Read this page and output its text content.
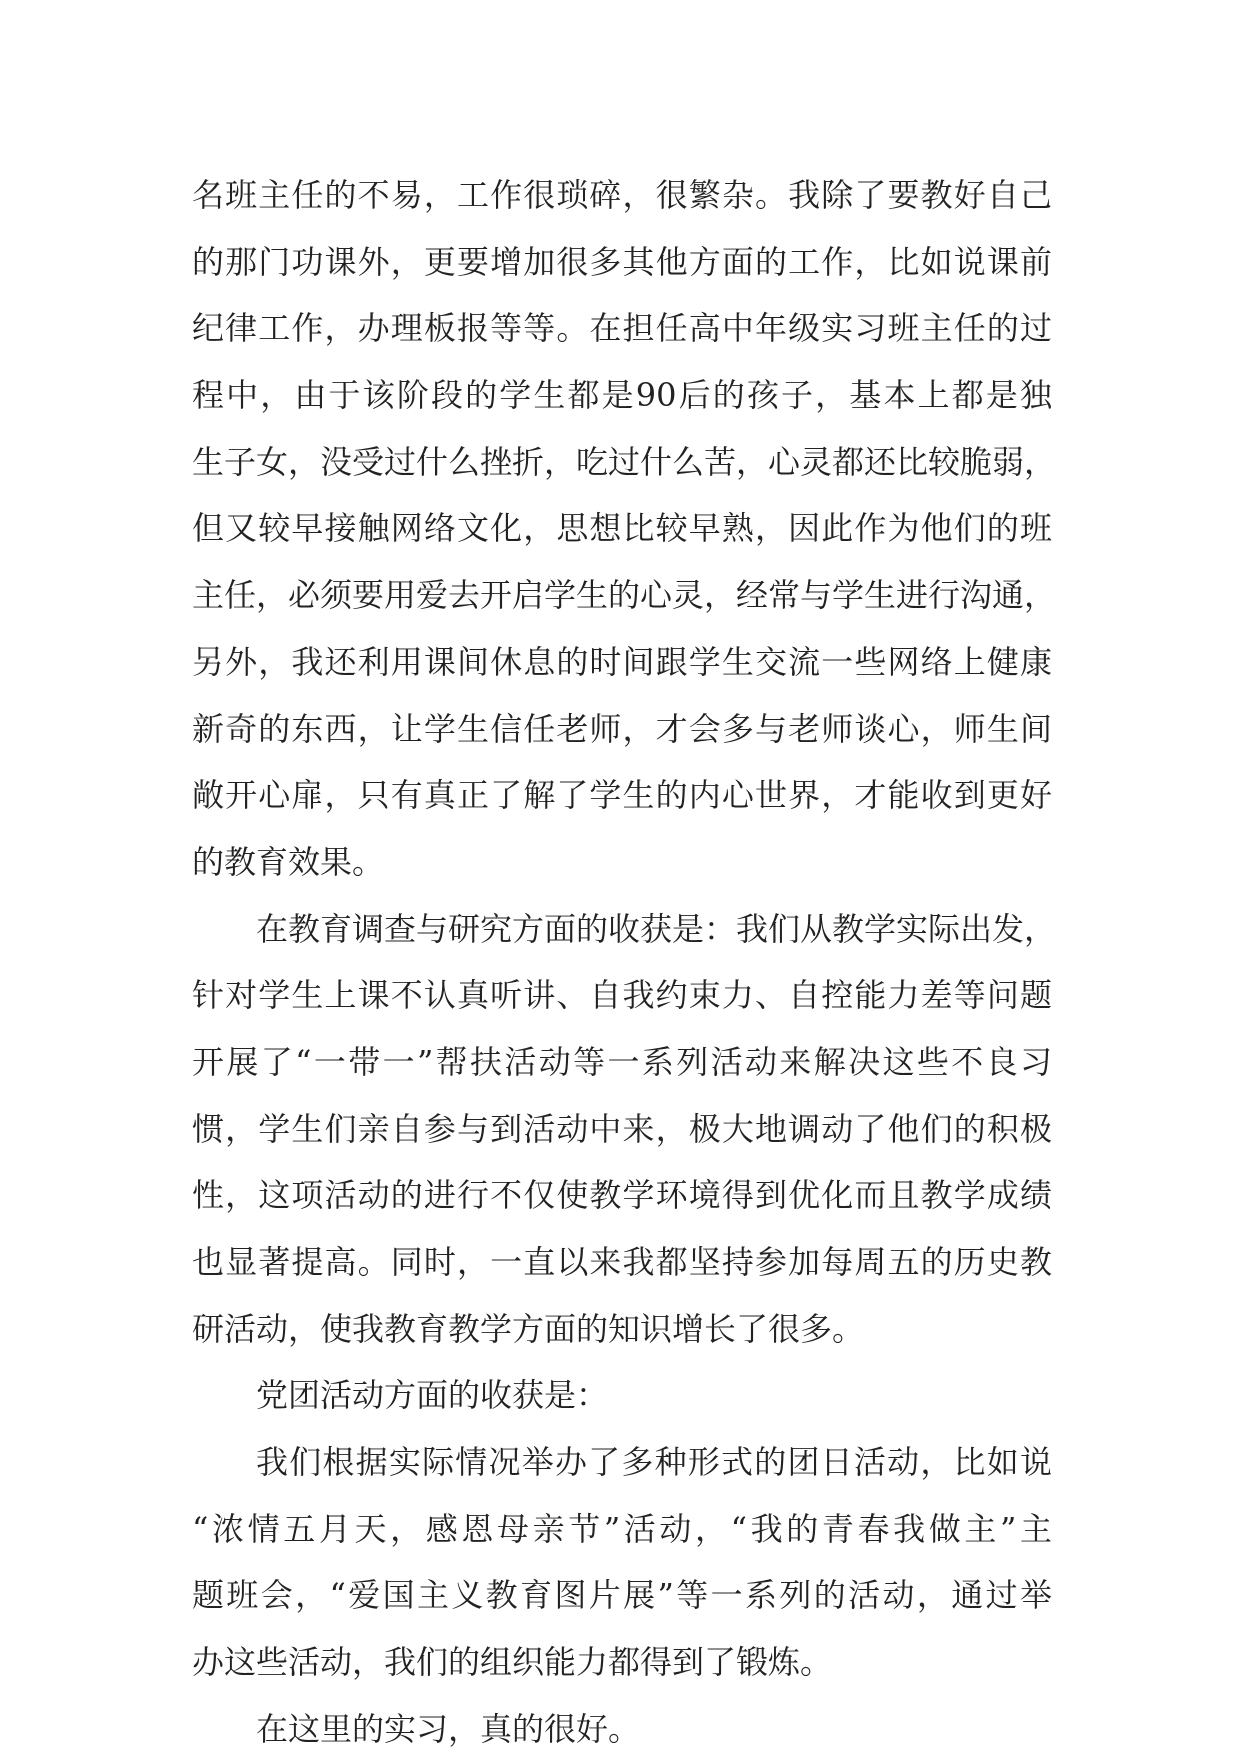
名班主任的不易，工作很琐碎，很繁杂。我除了要教好自己
的那门功课外，更要增加很多其他方面的工作，比如说课前
纪律工作，办理板报等等。在担任高中年级实习班主任的过
程中，由于该阶段的学生都是90后的孩子，基本上都是独
生子女，没受过什么挫折，吃过什么苦，心灵都还比较脆弱，
但又较早接触网络文化，思想比较早熟，因此作为他们的班
主任，必须要用爱去开启学生的心灵，经常与学生进行沟通，
另外，我还利用课间休息的时间跟学生交流一些网络上健康
新奇的东西，让学生信任老师，才会多与老师谈心，师生间
敞开心扉，只有真正了解了学生的内心世界，才能收到更好
的教育效果。
在教育调查与研究方面的收获是：我们从教学实际出发，
针对学生上课不认真听讲、自我约束力、自控能力差等问题
开展了“一带一”帮扶活动等一系列活动来解决这些不良习
惯，学生们亲自参与到活动中来，极大地调动了他们的积极
性，这项活动的进行不仅使教学环境得到优化而且教学成绩
也显著提高。同时，一直以来我都坚持参加每周五的历史教
研活动，使我教育教学方面的知识增长了很多。
党团活动方面的收获是：
我们根据实际情况举办了多种形式的团日活动，比如说
“浓情五月天，感恩母亲节”活动，“我的青春我做主”主
题班会，“爱国主义教育图片展”等一系列的活动，通过举
办这些活动，我们的组织能力都得到了锻炼。
在这里的实习，真的很好。
